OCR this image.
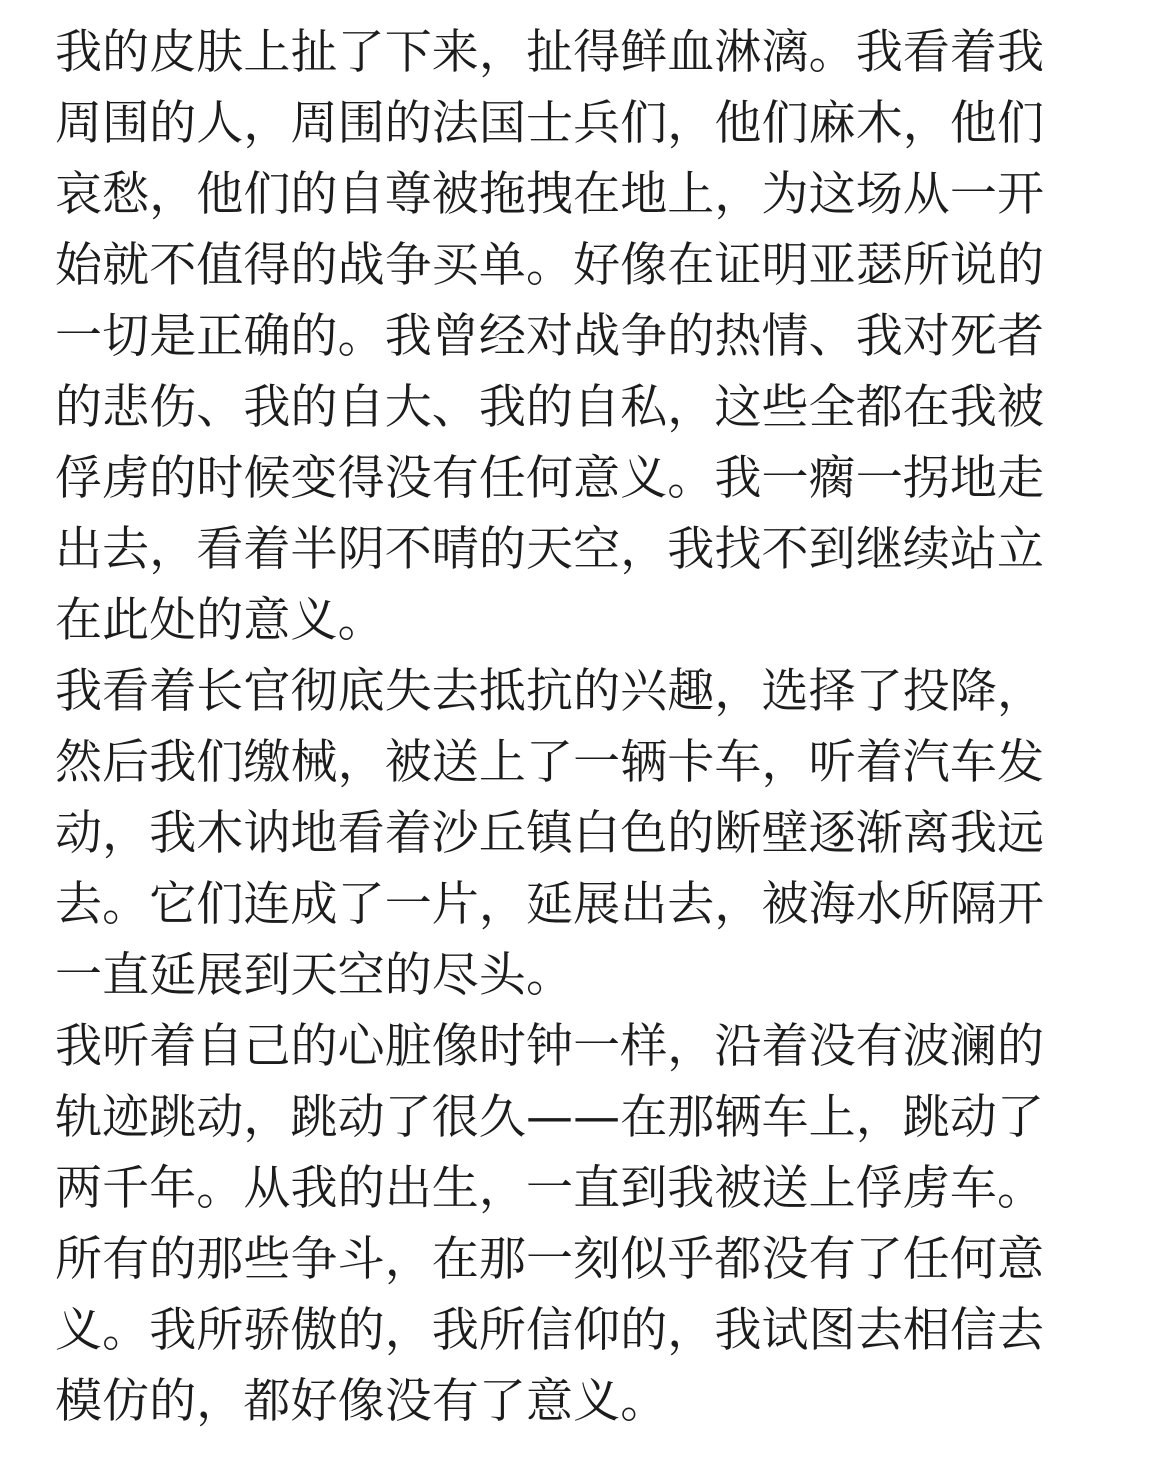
我的皮肤上扯了下来，扯得鲜血淋漓。我看着我
周围的人，周围的法国士兵们，他们麻木，他们
哀愁，他们的自尊被拖拽在地上，为这场从一开
始就不值得的战争买单。好像在证明亚瑟所说的
一切是正确的。我曾经对战争的热情、我对死者
的悲伤、我的自大、我的自私，这些全都在我被
俘虏的时候变得没有任何意义。我一瘸一拐地走
出去，看着半阴不晴的天空，我找不到继续站立
在此处的意义。
我看着长官彻底失去抵抗的兴趣，选择了投降，
然后我们缴械，被送上了一辆卡车，听着汽车发
动，我木讷地看着沙丘镇白色的断壁逐渐离我远
去。它们连成了一片，延展出去，被海水所隔开
一直延展到天空的尽头。
我听着自己的心脏像时钟一样，沿着没有波澜的
轨迹跳动，跳动了很久——在那辆车上，跳动了
两千年。从我的出生，一直到我被送上俘虏车。
所有的那些争斗，在那一刻似乎都没有了任何意
义。我所骄傲的，我所信仰的，我试图去相信去
模仿的，都好像没有了意义。
